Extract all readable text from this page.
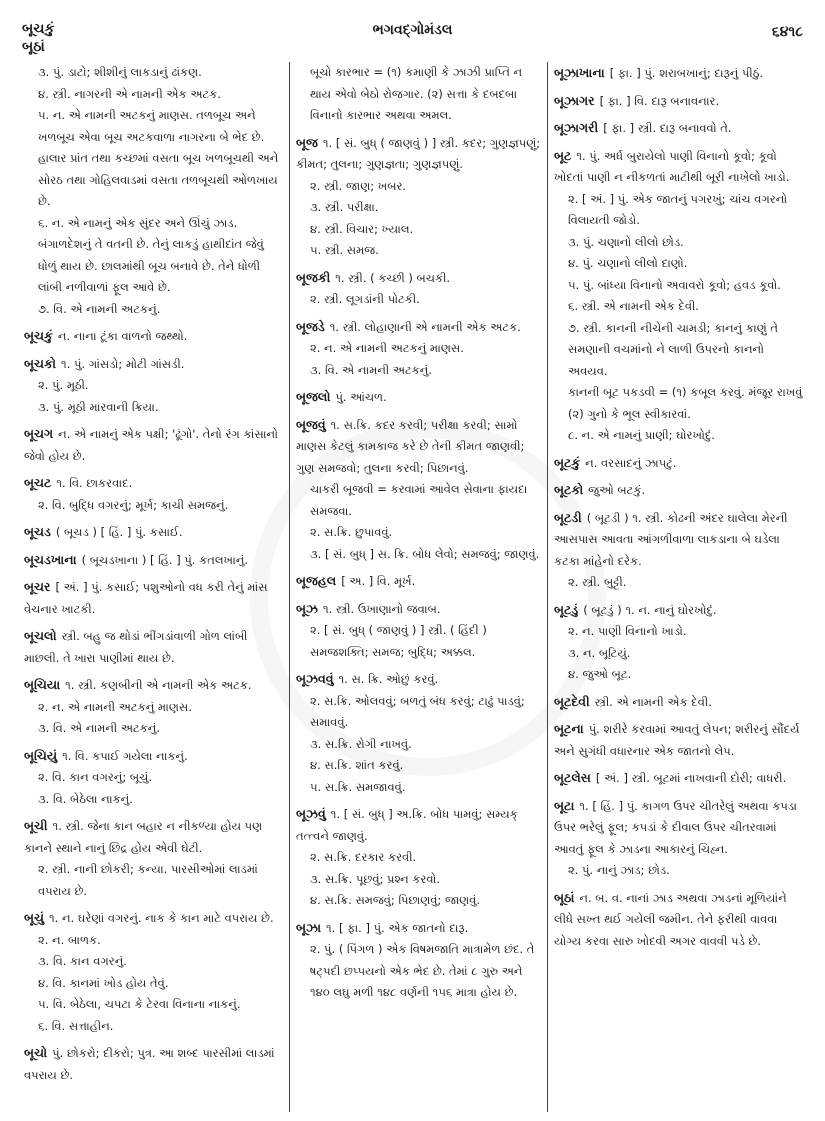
બૂચકું
બૂઠાં
ભગવદ્ગોમંડલ	૬૪૧૮

૩. પું. ડાટો; શીશીનું લાકડાનું ઢાંકણ.

૪. સ્ત્રી. નાગરની એ નામની એક અટક.

૫. ન. એ નામની અટકનું માણસ. તળબૂચ અને ખળબૂચ એવા બૂચ અટકવાળા નાગરના બે ભેદ છે. હાલાર પ્રાંત તથા કચ્છમાં વસતા બૂચ ખળબૂચથી અને સોરઠ તથા ગોહિલવાડમાં વસતા તળબૂચથી ઓળખાય છે.

૬. ન. એ નામનું એક સુંદર અને ઊંચું ઝાડ. બંગાળદેશનું તે વતની છે. તેનું લાકડું હાથીદાંત જેવું ધોળું થાય છે. છાલમાંથી બૂચ બનાવે છે. તેને ધોળી લાંબી નળીવાળાં ફૂલ આવે છે.

૭. વિ. એ નામની અટકનું.

બૂચકું ન. નાના ટૂંકા વાળનો જથ્થો.

બૂચકો ૧. પું. ગાંસડો; મોટી ગાંસડી.

૨. પું. મૂઠી.

૩. પું. મૂઠી મારવાની ક્રિયા.

બૂચગ ન. એ નામનું એક પક્ષી; 'ઢૂંગો'. તેનો રંગ કાંસાનો જેવો હોય છે.

બૂચટ ૧. વિ. છાકરવાદ.

૨. વિ. બુદ્ધિ વગરનું; મૂર્ખ; કાચી સમજનું.

બૂચડ ( બૂચડ ) [ હિં. ] પું. કસાઈ.

બૂચડખાના ( બૂચડખાના ) [ હિં. ] પું. કતલખાનું.

બૂચર [ અં. ] પું. કસાઈ; પશુઓનો વધ કરી તેનું માંસ વેચનાર ખાટકી.

બૂચલો સ્ત્રી. બહુ જ થોડાં ભીંગડાંવાળી ગોળ લાંબી માછલી. તે ખારા પાણીમાં થાય છે.

બૂચિયા ૧. સ્ત્રી. કણબીની એ નામની એક અટક.

૨. ન. એ નામની અટકનું માણસ.

૩. વિ. એ નામની અટકનું.

બૂચિયું ૧. વિ. કપાઈ ગયેલા નાકનું.

૨. વિ. કાન વગરનું; બૂચું.

૩. વિ. બેઠેલા નાકનું.

બૂચી ૧. સ્ત્રી. જેના કાન બહાર ન નીકળ્યા હોય પણ કાનને સ્થાને નાનું છિદ્ર હોય એવી ઘેટી.

૨. સ્ત્રી. નાની છોકરી; કન્યા. પારસીઓમાં લાડમાં વપરાય છે.

બૂચું ૧. ન. ઘરેણાં વગરનું. નાક કે કાન માટે વપરાય છે.

૨. ન. બાળક.

૩. વિ. કાન વગરનું.

૪. વિ. કાનમાં ખોડ હોય તેવું.

૫. વિ. બેઠેલા, ચપટા કે ટેરવા વિનાના નાકનું.

૬. વિ. સત્તાહીન.

બૂચો પું. છોકરો; દીકરો; પુત્ર. આ શબ્દ પારસીમાં લાડમાં વપરાય છે.

બૂચો કારભાર = (૧) કમાણી કે ઝાઝી પ્રાપ્તિ ન થાય એવો બેઠો રોજગાર. (૨) સત્તા કે દબદબા વિનાનો કારભાર અથવા અમલ.

બૂજ ૧. [ સં. બુધ્ ( જાણવું ) ] સ્ત્રી. કદર; ગુણજ્ઞપણું; કીમત; તુલના; ગુણજ્ઞતા; ગુણજ્ઞપણું.

૨. સ્ત્રી. જાણ; ખબર.

૩. સ્ત્રી. પરીક્ષા.

૪. સ્ત્રી. વિચાર; ખ્યાલ.

૫. સ્ત્રી. સમજ.

બૂજકી ૧. સ્ત્રી. ( કચ્છી ) બચકી.

૨. સ્ત્રી. લૂગડાંની પોટકી.

બૂજડે ૧. સ્ત્રી. લોહાણાની એ નામની એક અટક.

૨. ન. એ નામની અટકનું માણસ.

૩. વિ. એ નામની અટકનું.

બૂજલો પું. આંચળ.

બૂજવું ૧. સ.ક્રિ. કદર કરવી; પરીક્ષા કરવી; સામો માણસ કેટલું કામકાજ કરે છે તેની કીમત જાણવી; ગુણ સમજવો; તુલના કરવી; પિછાનવું.

ચાકરી બૂજવી = કરવામાં આવેલ સેવાના ફાયદા સમજવા.

૨. સ.ક્રિ. છુપાવવું.

૩. [ સં. બુધ્ ] સ. ક્રિ. બોધ લેવો; સમજવું; જાણવું.

બૂજહલ [ અ. ] વિ. મૂર્ખ.

બૂઝ ૧. સ્ત્રી. ઉખાણાનો જવાબ.

૨. [ સં. બુધ્ ( જાણવું ) ] સ્ત્રી. ( હિંદી ) સમજશક્તિ; સમજ; બુદ્ધિ; અક્કલ.

બૂઝવવું ૧. સ. ક્રિ. ઓછું કરવું.

૨. સ.ક્રિ. ઓલવવું; બળતું બંધ કરવું; ટાઢું પાડવું; સમાવવું.

૩. સ.ક્રિ. રોગી નાખવું.

૪. સ.ક્રિ. શાંત કરવું.

૫. સ.ક્રિ. સમજાવવું.

બૂઝવું ૧. [ સં. બુધ્ ] અ.ક્રિ. બોધ પામવું; સમ્યક્ તત્ત્વને જાણવું.

૨. સ.ક્રિ. દરકાર કરવી.

૩. સ.ક્રિ. પૂછવું; પ્રશ્ન કરવો.

૪. સ.ક્રિ. સમજવું; પિછાણવું; જાણવું.

બૂઝા ૧. [ ફા. ] પું. એક જાતનો દારૂ.

૨. પું. ( પિંગળ ) એક વિષમજાતિ માત્રામેળ છંદ. તે ષટ્પદી છપ્પયનો એક ભેદ છે. તેમાં ૮ ગુરુ અને ૧૪૦ લઘુ મળી ૧૪૮ વર્ણની ૧૫૬ માત્રા હોય છે.

બૂઝાખાના [ ફા. ] પું. શરાબખાનું; દારૂનું પીઠું.

બૂઝાગર [ ફા. ] વિ. દારૂ બનાવનાર.

બૂઝાગરી [ ફા. ] સ્ત્રી. દારૂ બનાવવો તે.

બૂટ ૧. પું. અર્ધ બુરાયેલો પાણી વિનાનો કૂવો; કૂવો ખોદતાં પાણી ન નીકળતાં માટીથી બૂરી નાખેલો ખાડો.

૨. [ અં. ] પું. એક જાતનું પગરખું; ચાંચ વગરનો વિલાયતી જોડો.

૩. પું. ચણાનો લીલો છોડ.

૪. પું. ચણાનો લીલો દાણો.

૫. પું. બાંધ્યા વિનાનો અવાવરો કૂવો; હવડ કૂવો.

૬. સ્ત્રી. એ નામની એક દેવી.

૭. સ્ત્રી. કાનની નીચેની ચામડી; કાનનું કાણું તે સમણાની વચમાંનો ને લાળી ઉપરનો કાનનો અવયવ.

કાનની બૂટ પકડવી = (૧) કબૂલ કરવું. મંજૂર રાખવું (૨) ગુનો કે ભૂલ સ્વીકારવાં.

૮. ન. એ નામનું પ્રાણી; ઘોરખોદું.

બૂટકું ન. વરસાદનું ઝાપટું.

બૂટકો જુઓ બટકું.

બૂટડી ( બૂટડી ) ૧. સ્ત્રી. કોઢની અંદર ઘાલેલા મેરની આસપાસ આવતા આંગળીવાળા લાકડાના બે ઘડેલા કટકા માંહેનો દરેક.

૨. સ્ત્રી. બુટ્ટી.

બૂટડું ( બૂટડું ) ૧. ન. નાનું ઘોરખોદું.

૨. ન. પાણી વિનાનો ખાડો.

૩. ન. બૂટિયું.

૪. જુઓ બૂટ.

બૂટદેવી સ્ત્રી. એ નામની એક દેવી.

બૂટના પું. શરીરે કરવામાં આવતું લેપન; શરીરનું સૌંદર્ય અને સુગંધી વધારનાર એક જાતનો લેપ.

બૂટલેસ [ અં. ] સ્ત્રી. બૂટમાં નાખવાની દોરી; વાધરી.

બૂટા ૧. [ હિં. ] પું. કાગળ ઉપર ચીતરેલું અથવા કપડા ઉપર ભરેલું ફૂલ; કપડાં કે દીવાલ ઉપર ચીતરવામાં આવતું ફૂલ કે ઝાડના આકારનું ચિહ્ન.

૨. પું. નાનું ઝાડ; છોડ.

બૂઠાં ન. બ. વ. નાનાં ઝાડ અથવા ઝાડનાં મૂળિયાંને લીધે સખ્ત થઈ ગયેલી જમીન. તેને ફરીથી વાવવા યોગ્ય કરવા સારુ ખોદવી અગર વાવવી પડે છે.
